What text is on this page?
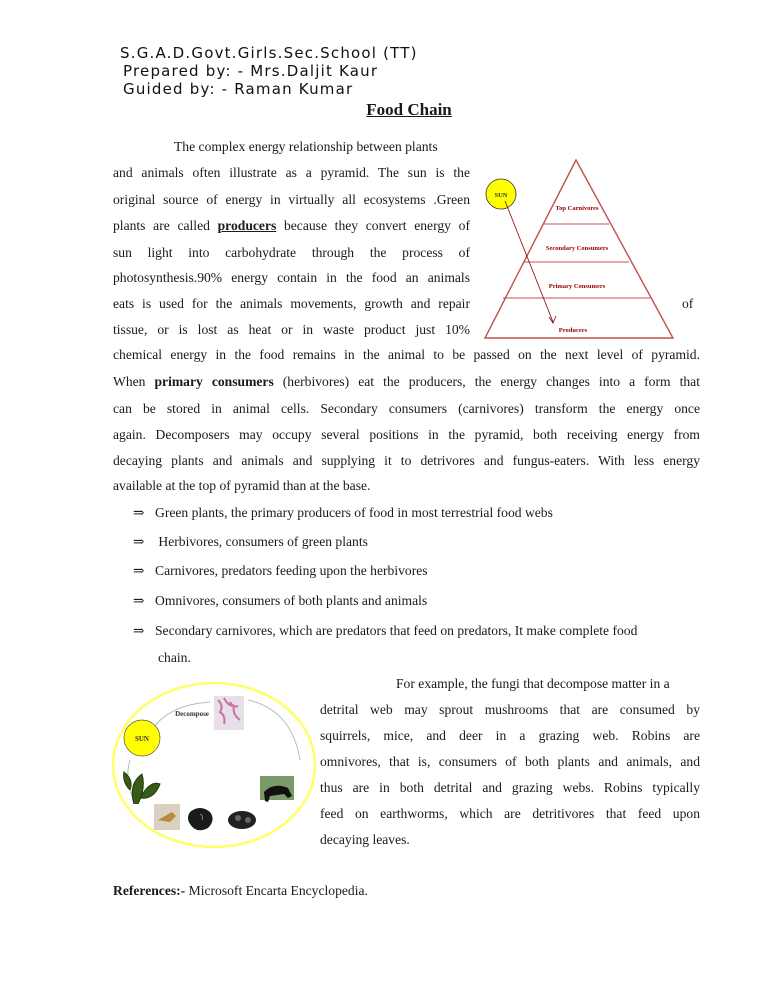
S.G.A.D.Govt.Girls.Sec.School (TT)
Prepared by: - Mrs.Daljit Kaur
Guided by: - Raman Kumar
Food Chain
The complex energy relationship between plants
and animals often illustrate as a pyramid. The sun is the
original source of energy in virtually all ecosystems .Green
plants are called producers because they convert energy of
sun light into carbohydrate through the process of
photosynthesis.90% energy contain in the food an animals
eats is used for the animals movements, growth and repair	of
tissue, or is lost as heat or in waste product just 10%
chemical energy in the food remains in the animal to be passed on the next level of pyramid.
When primary consumers (herbivores) eat the producers, the energy changes into a form that
can be stored in animal cells. Secondary consumers (carnivores) transform the energy once
again. Decomposers may occupy several positions in the pyramid, both receiving energy from
decaying plants and animals and supplying it to detrivores and fungus-eaters. With less energy
available at the top of pyramid than at the base.
SUN
Top Carnivores
Secondary Consumers
Primary Consumers
Producers
⇒ Green plants, the primary producers of food in most terrestrial food webs
⇒ Herbivores, consumers of green plants
⇒ Carnivores, predators feeding upon the herbivores
⇒ Omnivores, consumers of both plants and animals
⇒ Secondary carnivores, which are predators that feed on predators, It make complete food
chain.
SUN
Decompose
For example, the fungi that decompose matter in a
detrital web may sprout mushrooms that are consumed by
squirrels, mice, and deer in a grazing web. Robins are
omnivores, that is, consumers of both plants and animals, and
thus are in both detrital and grazing webs. Robins typically
feed on earthworms, which are detritivores that feed upon
decaying leaves.
References:- Microsoft Encarta Encyclopedia.
